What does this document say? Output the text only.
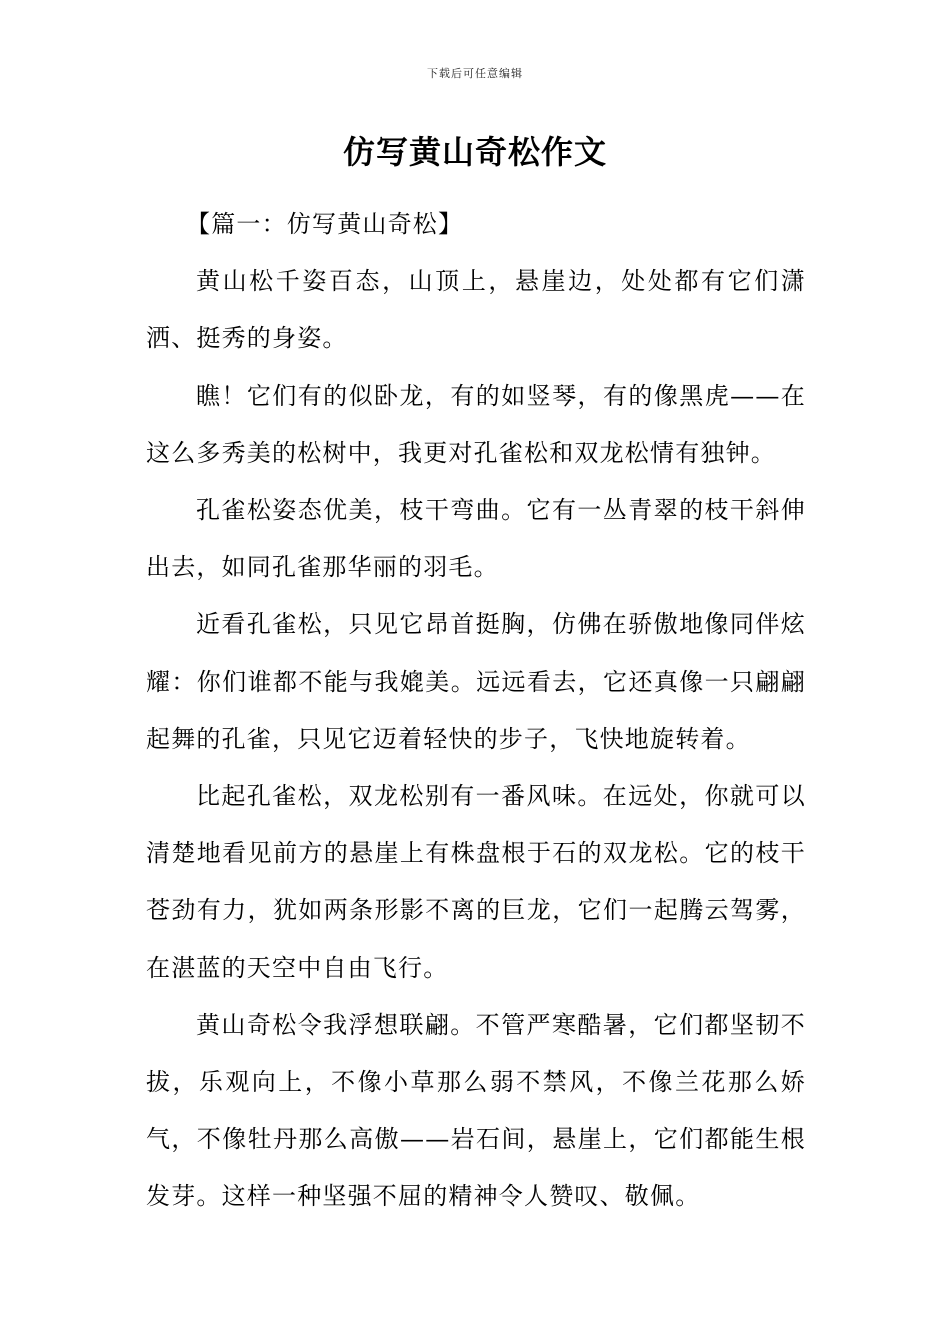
下载后可任意编辑
仿写黄山奇松作文

【篇一：仿写黄山奇松】

黄山松千姿百态，山顶上，悬崖边，处处都有它们潇洒、挺秀的身姿。

瞧！它们有的似卧龙，有的如竖琴，有的像黑虎——在这么多秀美的松树中，我更对孔雀松和双龙松情有独钟。

孔雀松姿态优美，枝干弯曲。它有一丛青翠的枝干斜伸出去，如同孔雀那华丽的羽毛。

近看孔雀松，只见它昂首挺胸，仿佛在骄傲地像同伴炫耀：你们谁都不能与我媲美。远远看去，它还真像一只翩翩起舞的孔雀，只见它迈着轻快的步子，飞快地旋转着。

比起孔雀松，双龙松别有一番风味。在远处，你就可以清楚地看见前方的悬崖上有株盘根于石的双龙松。它的枝干苍劲有力，犹如两条形影不离的巨龙，它们一起腾云驾雾，在湛蓝的天空中自由飞行。

黄山奇松令我浮想联翩。不管严寒酷暑，它们都坚韧不拔，乐观向上，不像小草那么弱不禁风，不像兰花那么娇气，不像牡丹那么高傲——岩石间，悬崖上，它们都能生根发芽。这样一种坚强不屈的精神令人赞叹、敬佩。
